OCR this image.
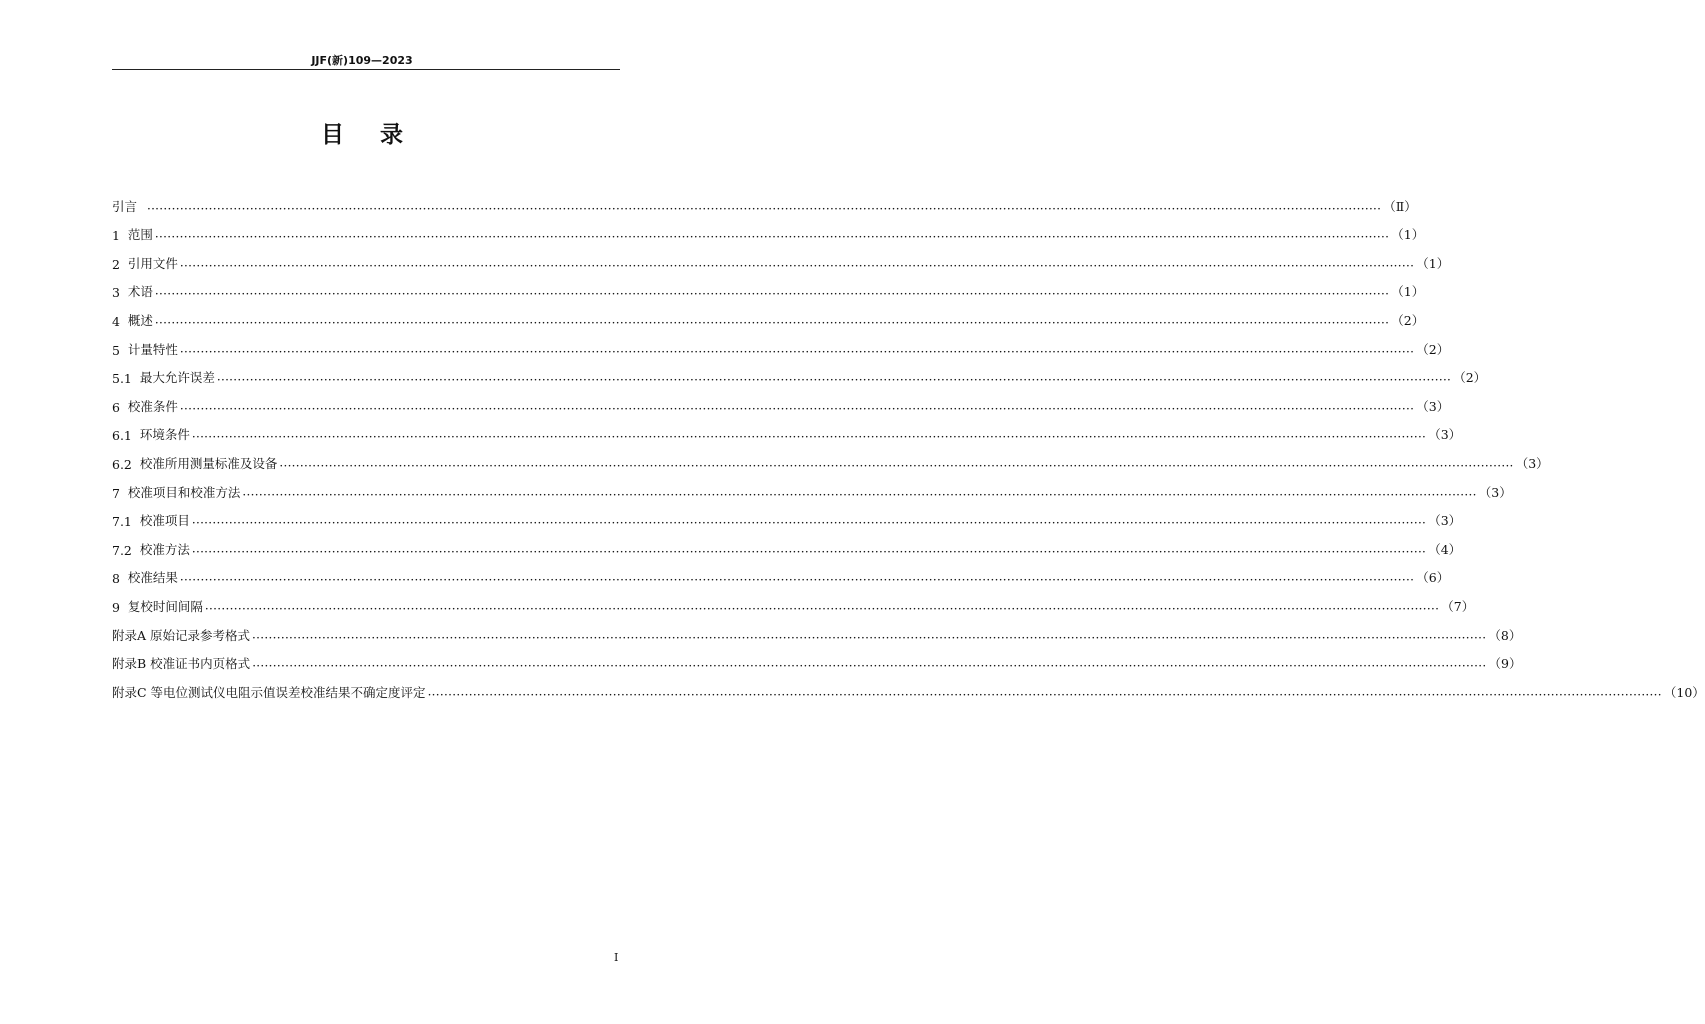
JJF(新)109—2023
目录
引言 ············································································································································································································································································································ （Ⅱ）
1 范围 ············································································································································································································································································································ （1）
2 引用文件 ············································································································································································································································································································ （1）
3 术语 ············································································································································································································································································································ （1）
4 概述 ············································································································································································································································································································ （2）
5 计量特性 ············································································································································································································································································································ （2）
5.1 最大允许误差 ············································································································································································································································································································ （2）
6 校准条件 ············································································································································································································································································································ （3）
6.1 环境条件 ············································································································································································································································································································ （3）
6.2 校准所用测量标准及设备 ············································································································································································································································································································ （3）
7 校准项目和校准方法 ············································································································································································································································································································ （3）
7.1 校准项目 ············································································································································································································································································································ （3）
7.2 校准方法 ············································································································································································································································································································ （4）
8 校准结果 ············································································································································································································································································································ （6）
9 复校时间间隔 ············································································································································································································································································································ （7）
附录A 原始记录参考格式 ············································································································································································································································································································ （8）
附录B 校准证书内页格式 ············································································································································································································································································································ （9）
附录C 等电位测试仪电阻示值误差校准结果不确定度评定 ············································································································································································································································································································ （10）
I
